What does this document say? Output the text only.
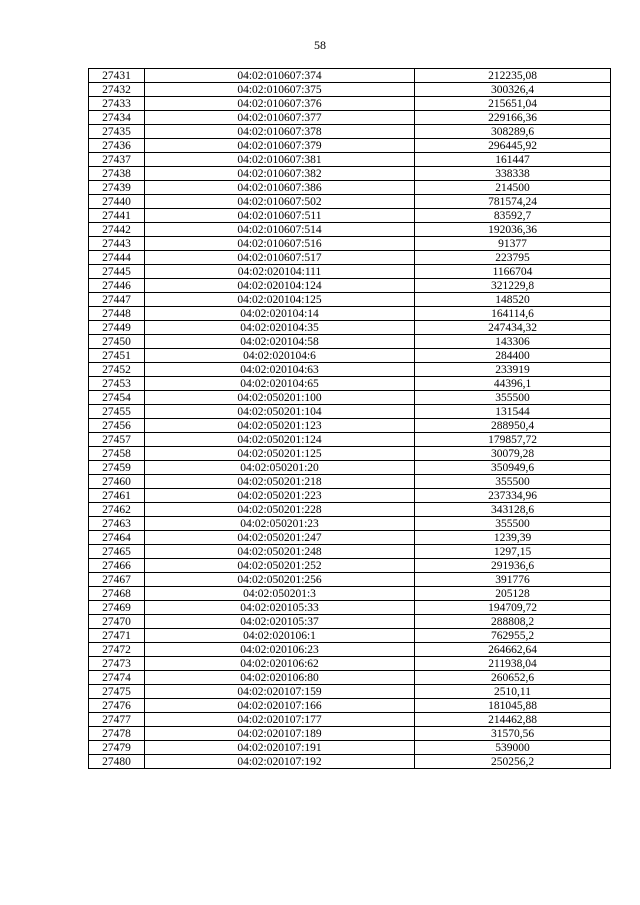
58
27431	04:02:010607:374	212235,08
27432	04:02:010607:375	300326,4
27433	04:02:010607:376	215651,04
27434	04:02:010607:377	229166,36
27435	04:02:010607:378	308289,6
27436	04:02:010607:379	296445,92
27437	04:02:010607:381	161447
27438	04:02:010607:382	338338
27439	04:02:010607:386	214500
27440	04:02:010607:502	781574,24
27441	04:02:010607:511	83592,7
27442	04:02:010607:514	192036,36
27443	04:02:010607:516	91377
27444	04:02:010607:517	223795
27445	04:02:020104:111	1166704
27446	04:02:020104:124	321229,8
27447	04:02:020104:125	148520
27448	04:02:020104:14	164114,6
27449	04:02:020104:35	247434,32
27450	04:02:020104:58	143306
27451	04:02:020104:6	284400
27452	04:02:020104:63	233919
27453	04:02:020104:65	44396,1
27454	04:02:050201:100	355500
27455	04:02:050201:104	131544
27456	04:02:050201:123	288950,4
27457	04:02:050201:124	179857,72
27458	04:02:050201:125	30079,28
27459	04:02:050201:20	350949,6
27460	04:02:050201:218	355500
27461	04:02:050201:223	237334,96
27462	04:02:050201:228	343128,6
27463	04:02:050201:23	355500
27464	04:02:050201:247	1239,39
27465	04:02:050201:248	1297,15
27466	04:02:050201:252	291936,6
27467	04:02:050201:256	391776
27468	04:02:050201:3	205128
27469	04:02:020105:33	194709,72
27470	04:02:020105:37	288808,2
27471	04:02:020106:1	762955,2
27472	04:02:020106:23	264662,64
27473	04:02:020106:62	211938,04
27474	04:02:020106:80	260652,6
27475	04:02:020107:159	2510,11
27476	04:02:020107:166	181045,88
27477	04:02:020107:177	214462,88
27478	04:02:020107:189	31570,56
27479	04:02:020107:191	539000
27480	04:02:020107:192	250256,2
